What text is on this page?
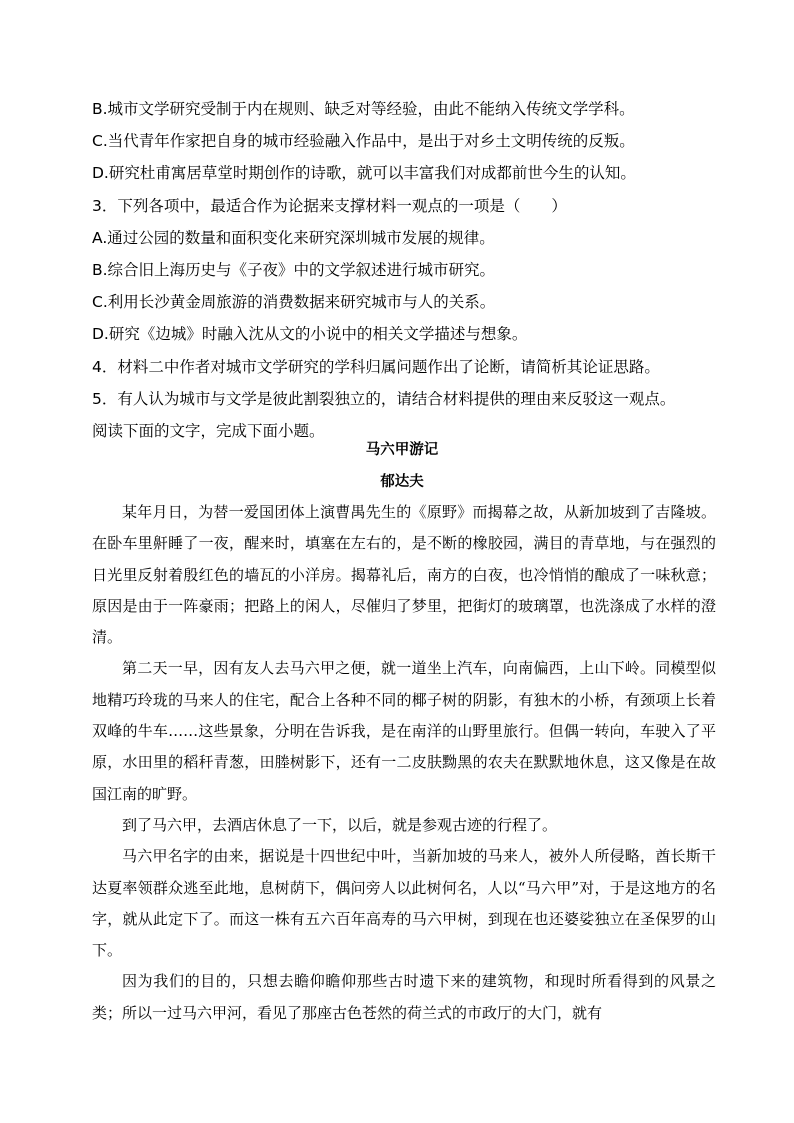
B.城市文学研究受制于内在规则、缺乏对等经验，由此不能纳入传统文学学科。
C.当代青年作家把自身的城市经验融入作品中，是出于对乡土文明传统的反叛。
D.研究杜甫寓居草堂时期创作的诗歌，就可以丰富我们对成都前世今生的认知。
3．下列各项中，最适合作为论据来支撑材料一观点的一项是（　　）
A.通过公园的数量和面积变化来研究深圳城市发展的规律。
B.综合旧上海历史与《子夜》中的文学叙述进行城市研究。
C.利用长沙黄金周旅游的消费数据来研究城市与人的关系。
D.研究《边城》时融入沈从文的小说中的相关文学描述与想象。
4．材料二中作者对城市文学研究的学科归属问题作出了论断，请简析其论证思路。
5．有人认为城市与文学是彼此割裂独立的，请结合材料提供的理由来反驳这一观点。
阅读下面的文字，完成下面小题。
马六甲游记
郁达夫

某年月日，为替一爱国团体上演曹禺先生的《原野》而揭幕之故，从新加坡到了吉隆坡。在卧车里鼾睡了一夜，醒来时，填塞在左右的，是不断的橡胶园，满目的青草地，与在强烈的日光里反射着殷红色的墙瓦的小洋房。揭幕礼后，南方的白夜，也冷悄悄的酿成了一味秋意；原因是由于一阵豪雨；把路上的闲人，尽催归了梦里，把街灯的玻璃罩，也洗涤成了水样的澄清。

第二天一早，因有友人去马六甲之便，就一道坐上汽车，向南偏西，上山下岭。同模型似地精巧玲珑的马来人的住宅，配合上各种不同的椰子树的阴影，有独木的小桥，有颈项上长着双峰的牛车……这些景象，分明在告诉我，是在南洋的山野里旅行。但偶一转向，车驶入了平原，水田里的稻秆青葱，田塍树影下，还有一二皮肤黝黑的农夫在默默地休息，这又像是在故国江南的旷野。

到了马六甲，去酒店休息了一下，以后，就是参观古迹的行程了。

马六甲名字的由来，据说是十四世纪中叶，当新加坡的马来人，被外人所侵略，酋长斯干达夏率领群众逃至此地，息树荫下，偶问旁人以此树何名，人以“马六甲”对，于是这地方的名字，就从此定下了。而这一株有五六百年高寿的马六甲树，到现在也还婆娑独立在圣保罗的山下。

因为我们的目的，只想去瞻仰瞻仰那些古时遗下来的建筑物，和现时所看得到的风景之类；所以一过马六甲河，看见了那座古色苍然的荷兰式的市政厅的大门，就有
